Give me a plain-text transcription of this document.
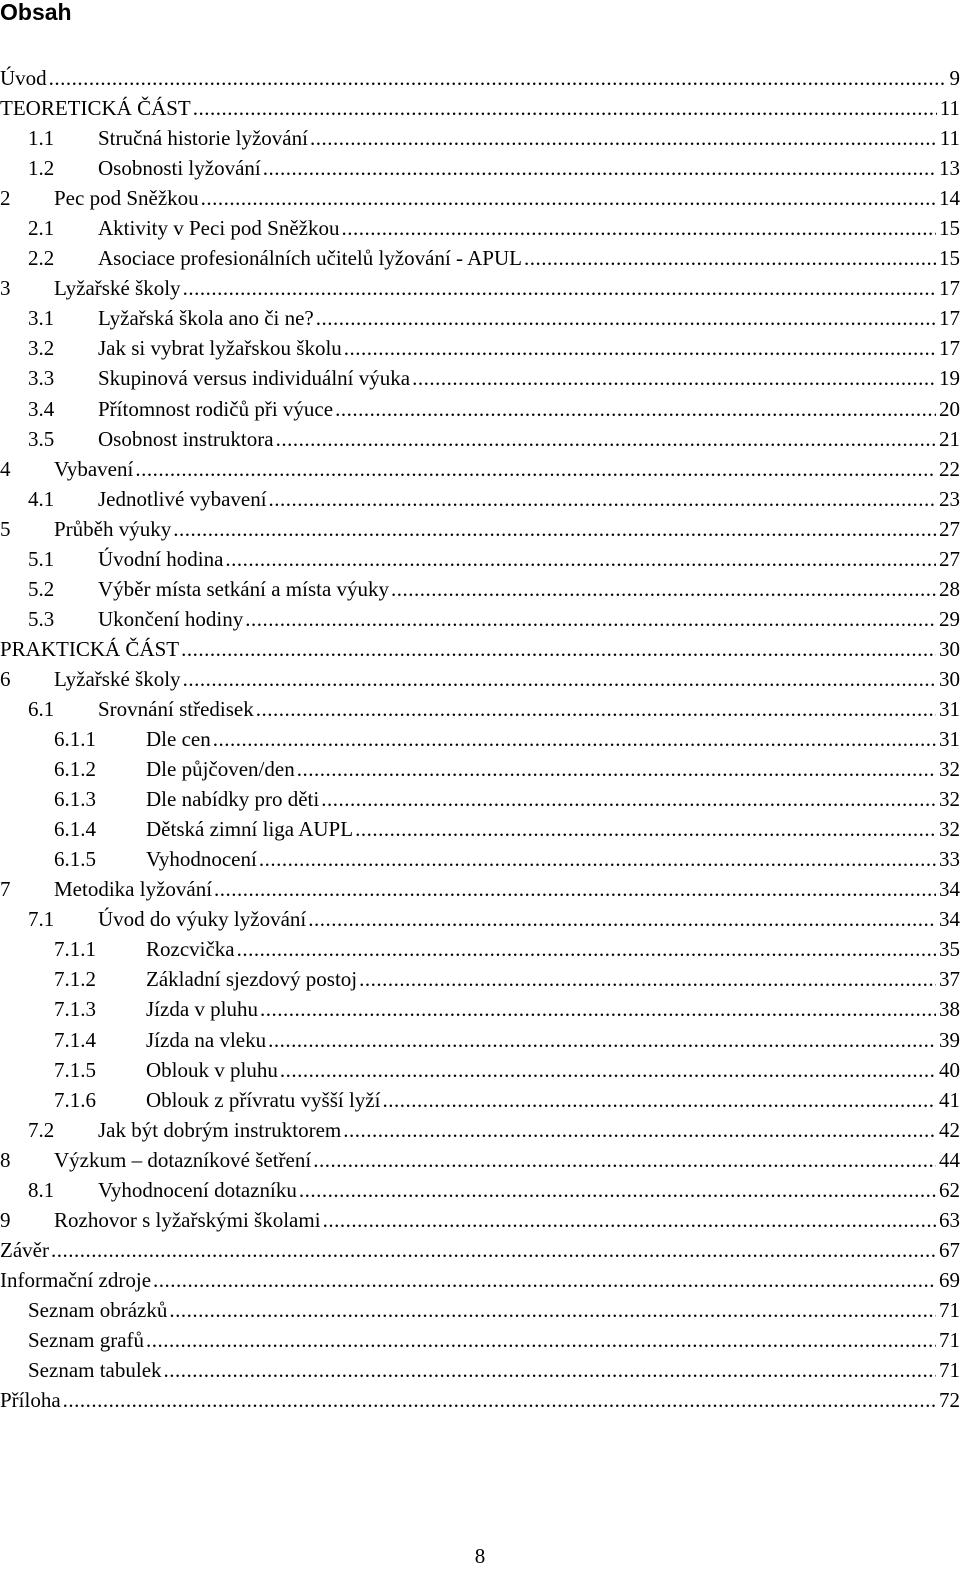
Obsah
Úvod .....	9
TEORETICKÁ ČÁST .....	11
1.1	Stručná historie lyžování .....	11
1.2	Osobnosti lyžování .....	13
2	Pec pod Sněžkou .....	14
2.1	Aktivity v Peci pod Sněžkou .....	15
2.2	Asociace profesionálních učitelů lyžování - APUL .....	15
3	Lyžařské školy .....	17
3.1	Lyžařská škola ano či ne? .....	17
3.2	Jak si vybrat lyžařskou školu .....	17
3.3	Skupinová versus individuální výuka .....	19
3.4	Přítomnost rodičů při výuce .....	20
3.5	Osobnost instruktora .....	21
4	Vybavení .....	22
4.1	Jednotlivé vybavení .....	23
5	Průběh výuky .....	27
5.1	Úvodní hodina .....	27
5.2	Výběr místa setkání a místa výuky .....	28
5.3	Ukončení hodiny .....	29
PRAKTICKÁ ČÁST .....	30
6	Lyžařské školy .....	30
6.1	Srovnání středisek .....	31
6.1.1	Dle cen .....	31
6.1.2	Dle půjčoven/den .....	32
6.1.3	Dle nabídky pro děti .....	32
6.1.4	Dětská zimní liga AUPL .....	32
6.1.5	Vyhodnocení .....	33
7	Metodika lyžování .....	34
7.1	Úvod do výuky lyžování .....	34
7.1.1	Rozcvička .....	35
7.1.2	Základní sjezdový postoj .....	37
7.1.3	Jízda v pluhu .....	38
7.1.4	Jízda na vleku .....	39
7.1.5	Oblouk v pluhu .....	40
7.1.6	Oblouk z přívratu vyšší lyží .....	41
7.2	Jak být dobrým instruktorem .....	42
8	Výzkum – dotazníkové šetření .....	44
8.1	Vyhodnocení dotazníku .....	62
9	Rozhovor s lyžařskými školami .....	63
Závěr .....	67
Informační zdroje .....	69
Seznam obrázků .....	71
Seznam grafů .....	71
Seznam tabulek .....	71
Příloha .....	72
8
